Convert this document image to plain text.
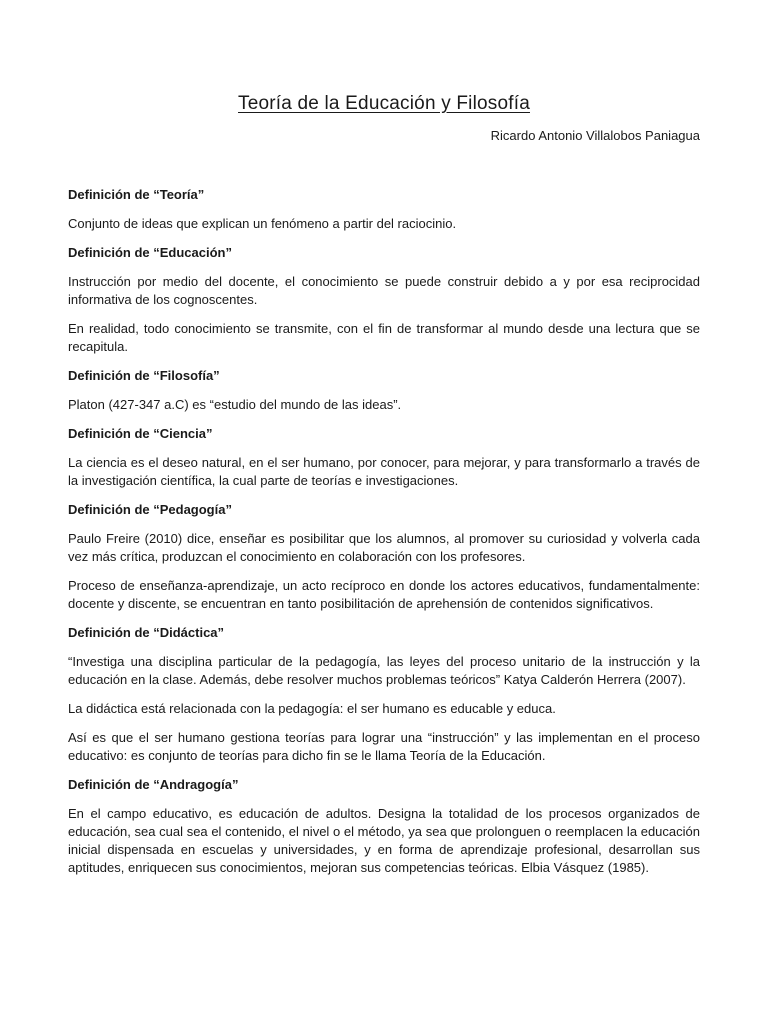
Teoría de la Educación y Filosofía

Ricardo Antonio Villalobos Paniagua

Definición de “Teoría”

Conjunto de ideas que explican un fenómeno a partir del raciocinio.

Definición de “Educación”

Instrucción por medio del docente, el conocimiento se puede construir debido a y por esa reciprocidad informativa de los cognoscentes.

En realidad, todo conocimiento se transmite, con el fin de transformar al mundo desde una lectura que se recapitula.

Definición de “Filosofía”

Platon (427-347 a.C) es “estudio del mundo de las ideas”.

Definición de “Ciencia”

La ciencia es el deseo natural, en el ser humano, por conocer, para mejorar, y para transformarlo a través de la investigación científica, la cual parte de teorías e investigaciones.

Definición de “Pedagogía”

Paulo Freire (2010) dice, enseñar es posibilitar que los alumnos, al promover su curiosidad y volverla cada vez más crítica, produzcan el conocimiento en colaboración con los profesores.

Proceso de enseñanza-aprendizaje, un acto recíproco en donde los actores educativos, fundamentalmente: docente y discente, se encuentran en tanto posibilitación de aprehensión de contenidos significativos.

Definición de “Didáctica”

“Investiga una disciplina particular de la pedagogía, las leyes del proceso unitario de la instrucción y la educación en la clase. Además, debe resolver muchos problemas teóricos” Katya Calderón Herrera (2007).

La didáctica está relacionada con la pedagogía: el ser humano es educable y educa.

Así es que el ser humano gestiona teorías para lograr una “instrucción” y las implementan en el proceso educativo: es conjunto de teorías para dicho fin se le llama Teoría de la Educación.

Definición de “Andragogía”

En el campo educativo, es educación de adultos. Designa la totalidad de los procesos organizados de educación, sea cual sea el contenido, el nivel o el método, ya sea que prolonguen o reemplacen la educación inicial dispensada en escuelas y universidades, y en forma de aprendizaje profesional, desarrollan sus aptitudes, enriquecen sus conocimientos, mejoran sus competencias teóricas. Elbia Vásquez (1985).
